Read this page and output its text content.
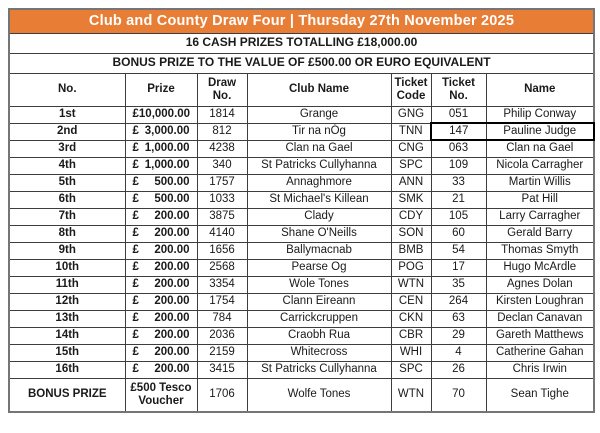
Club and County Draw Four | Thursday 27th November 2025						
16 CASH PRIZES TOTALLING £18,000.00						
BONUS PRIZE TO THE VALUE OF £500.00 OR EURO EQUIVALENT						
No.	Prize	Draw No.	Club Name	Ticket Code	Ticket No.	Name
1st	£ 10,000.00	1814	Grange	GNG	051	Philip Conway
2nd	£ 3,000.00	812	Tir na nÓg	TNN	147	Pauline Judge
3rd	£ 1,000.00	4238	Clan na Gael	CNG	063	Clan na Gael
4th	£ 1,000.00	340	St Patricks Cullyhanna	SPC	109	Nicola Carragher
5th	£ 500.00	1757	Annaghmore	ANN	33	Martin Willis
6th	£ 500.00	1033	St Michael's Killean	SMK	21	Pat Hill
7th	£ 200.00	3875	Clady	CDY	105	Larry Carragher
8th	£ 200.00	4140	Shane O'Neills	SON	60	Gerald Barry
9th	£ 200.00	1656	Ballymacnab	BMB	54	Thomas Smyth
10th	£ 200.00	2568	Pearse Og	POG	17	Hugo McArdle
11th	£ 200.00	3354	Wole Tones	WTN	35	Agnes Dolan
12th	£ 200.00	1754	Clann Eireann	CEN	264	Kirsten Loughran
13th	£ 200.00	784	Carrickcruppen	CKN	63	Declan Canavan
14th	£ 200.00	2036	Craobh Rua	CBR	29	Gareth Matthews
15th	£ 200.00	2159	Whitecross	WHI	4	Catherine Gahan
16th	£ 200.00	3415	St Patricks Cullyhanna	SPC	26	Chris Irwin
BONUS PRIZE	£500 Tesco Voucher	1706	Wolfe Tones	WTN	70	Sean Tighe
